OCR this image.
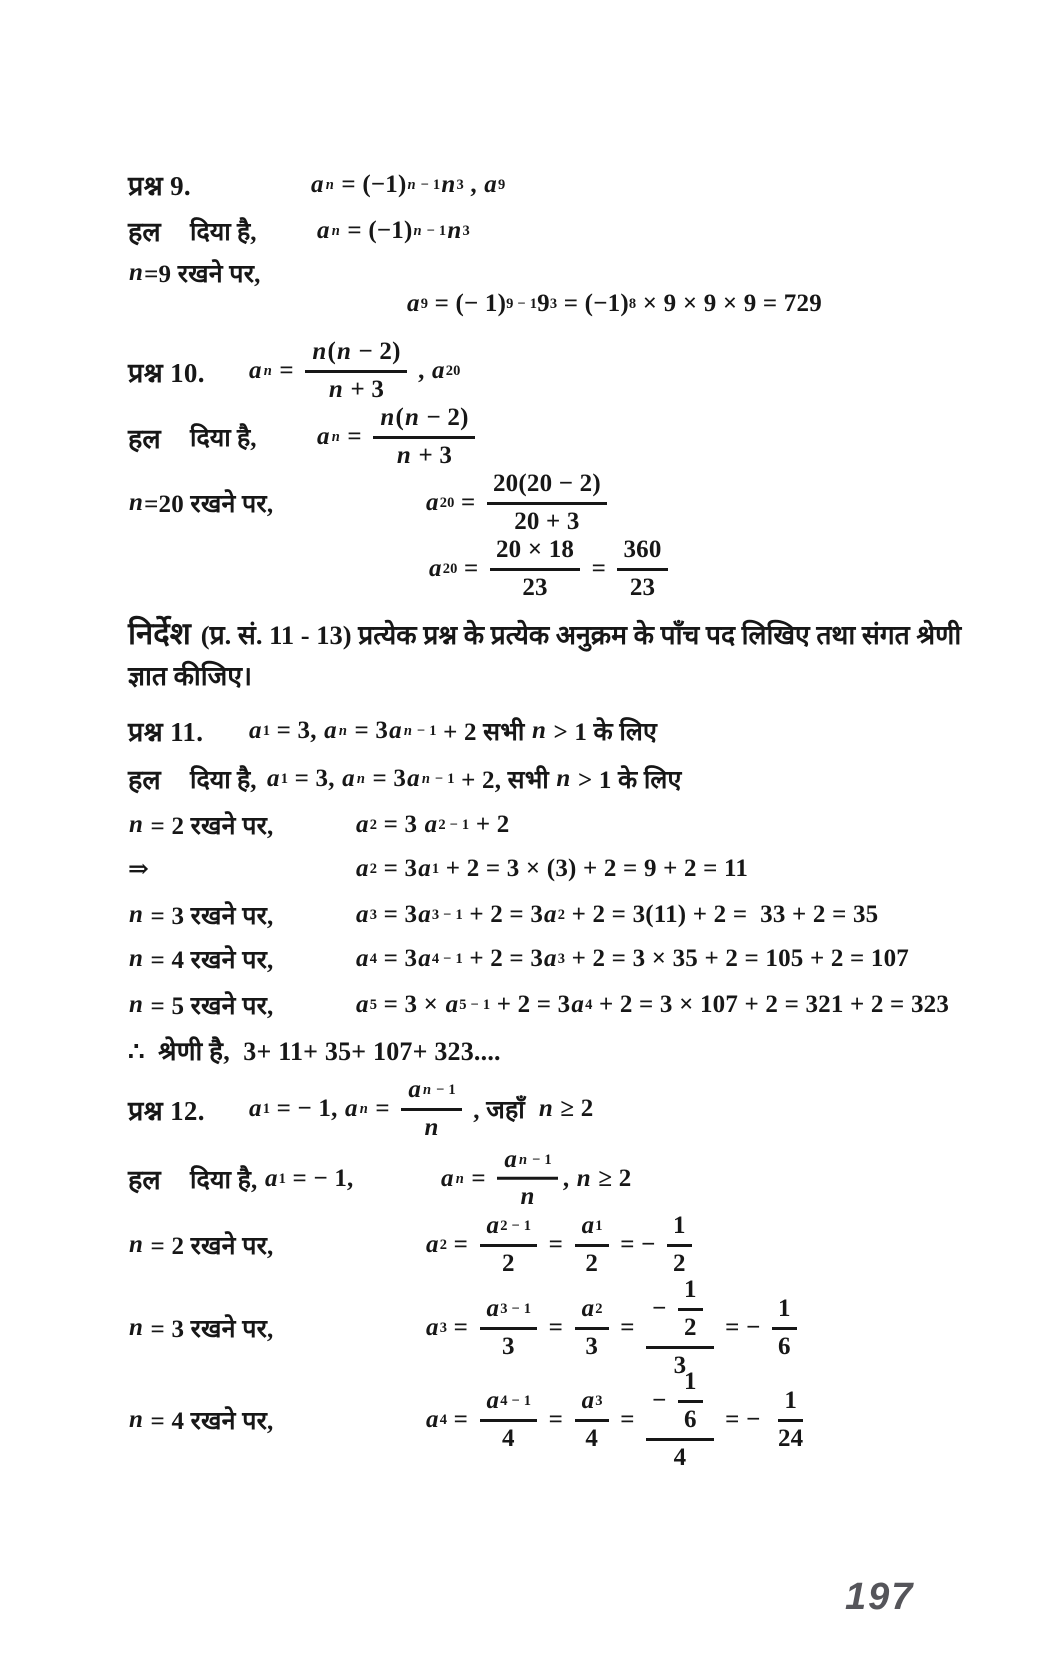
प्रश्न 9.	a n = (−1) n − 1 n 3 , a 9
हल	दिया है,	a n = (−1) n − 1 n 3
n =9 रखने पर,
a 9 = (− 1) 9 − 1 9 3 = (−1) 8 × 9 × 9 × 9 = 729
प्रश्न 10.	a $n = \frac{n ( n - 2)}{n + 3}$ , a 20
हल	दिया है,	a $n = \frac{n ( n - 2)}{n + 3}$
n =20 रखने पर,	a $20 = \frac{20(20 - 2)}{20 + 3}$
a $20 = \frac{20 \times 18}{23} = \frac{360}{23}$
निर्देश (प्र. सं. 11 - 13) प्रत्येक प्रश्न के प्रत्येक अनुक्रम के पाँच पद लिखिए तथा संगत श्रेणी ज्ञात कीजिए।
प्रश्न 11.	a 1 = 3, a n = 3 a n − 1 + 2 सभी n > 1 के लिए
हल	दिया है, a 1 = 3, a n = 3 a n − 1 + 2, सभी n > 1 के लिए
n = 2 रखने पर,	a 2 = 3 a 2 − 1 + 2
⇒	a 2 = 3 a 1 + 2 = 3 × (3) + 2 = 9 + 2 = 11
n = 3 रखने पर,	a 3 = 3 a 3 − 1 + 2 = 3 a 2 + 2 = 3(11) + 2 =  33 + 2 = 35
n = 4 रखने पर,	a 4 = 3 a 4 − 1 + 2 = 3 a 3 + 2 = 3 × 35 + 2 = 105 + 2 = 107
n = 5 रखने पर,	a 5 = 3 × a 5 − 1 + 2 = 3 a 4 + 2 = 3 × 107 + 2 = 321 + 2 = 323
∴  श्रेणी है,  3+ 11+ 35+ 107+ 323....
प्रश्न 12.	a 1 = − 1, a $n = \frac{\text{a n − 1}}{n}$ , जहाँ n ≥ 2
हल	दिया है, a 1 = − 1,	a $n = \frac{\text{a n − 1}}{n}$ , n ≥ 2
n = 2 रखने पर,	a $2 = \frac{a 2 - 1}{2} = \frac{a 1}{2}$ = − $\frac{1}{2}$
n = 3 रखने पर,	a $3 = \frac{a 3 - 1}{3} = \frac{a 2}{3} = \frac{- \frac{1}{2}}{3}$ = − $\frac{1}{6}$
n = 4 रखने पर,	a $4 = \frac{a 4 - 1}{4} = \frac{a 3}{4} = \frac{- \frac{1}{6}}{4}$ = − $\frac{1}{24}$
197
